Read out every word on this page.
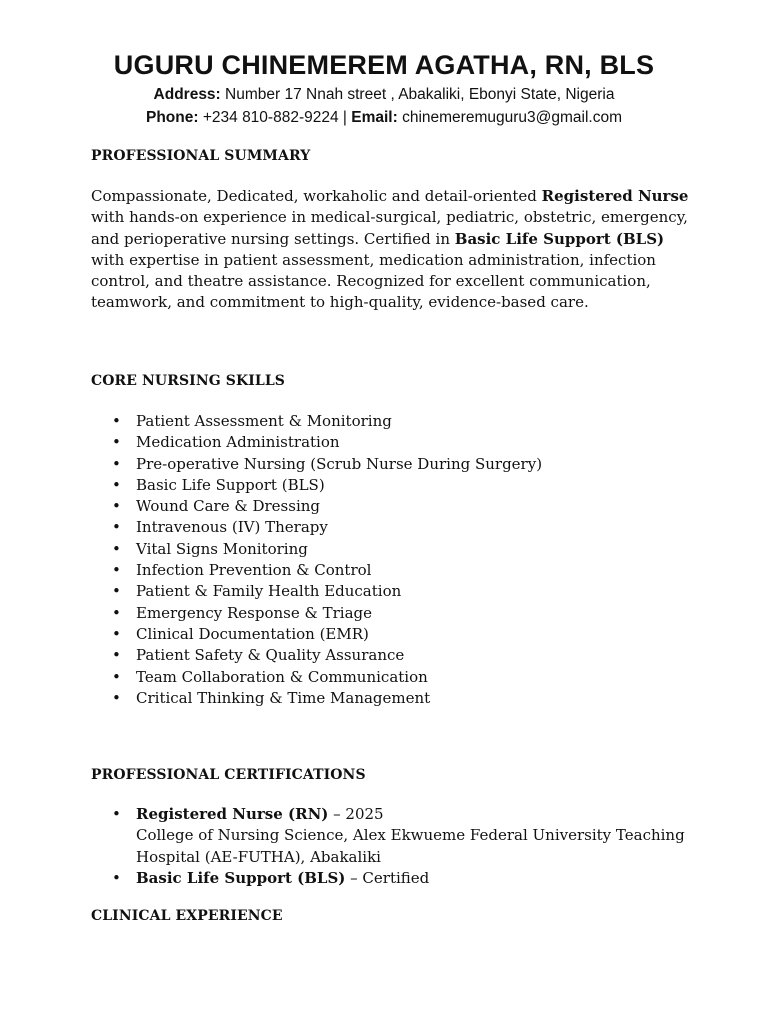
UGURU CHINEMEREM AGATHA, RN, BLS

Address: Number 17 Nnah street , Abakaliki, Ebonyi State, Nigeria

Phone: +234 810-882-9224 | Email: chinemeremuguru3@gmail.com

PROFESSIONAL SUMMARY

Compassionate, Dedicated, workaholic and detail-oriented Registered Nurse with hands-on experience in medical-surgical, pediatric, obstetric, emergency, and perioperative nursing settings. Certified in Basic Life Support (BLS) with expertise in patient assessment, medication administration, infection control, and theatre assistance. Recognized for excellent communication, teamwork, and commitment to high-quality, evidence-based care.

CORE NURSING SKILLS
• Patient Assessment & Monitoring
• Medication Administration
• Pre-operative Nursing (Scrub Nurse During Surgery)
• Basic Life Support (BLS)
• Wound Care & Dressing
• Intravenous (IV) Therapy
• Vital Signs Monitoring
• Infection Prevention & Control
• Patient & Family Health Education
• Emergency Response & Triage
• Clinical Documentation (EMR)
• Patient Safety & Quality Assurance
• Team Collaboration & Communication
• Critical Thinking & Time Management
PROFESSIONAL CERTIFICATIONS
• Registered Nurse (RN) – 2025
College of Nursing Science, Alex Ekwueme Federal University Teaching Hospital (AE-FUTHA), Abakaliki
• Basic Life Support (BLS) – Certified
CLINICAL EXPERIENCE
